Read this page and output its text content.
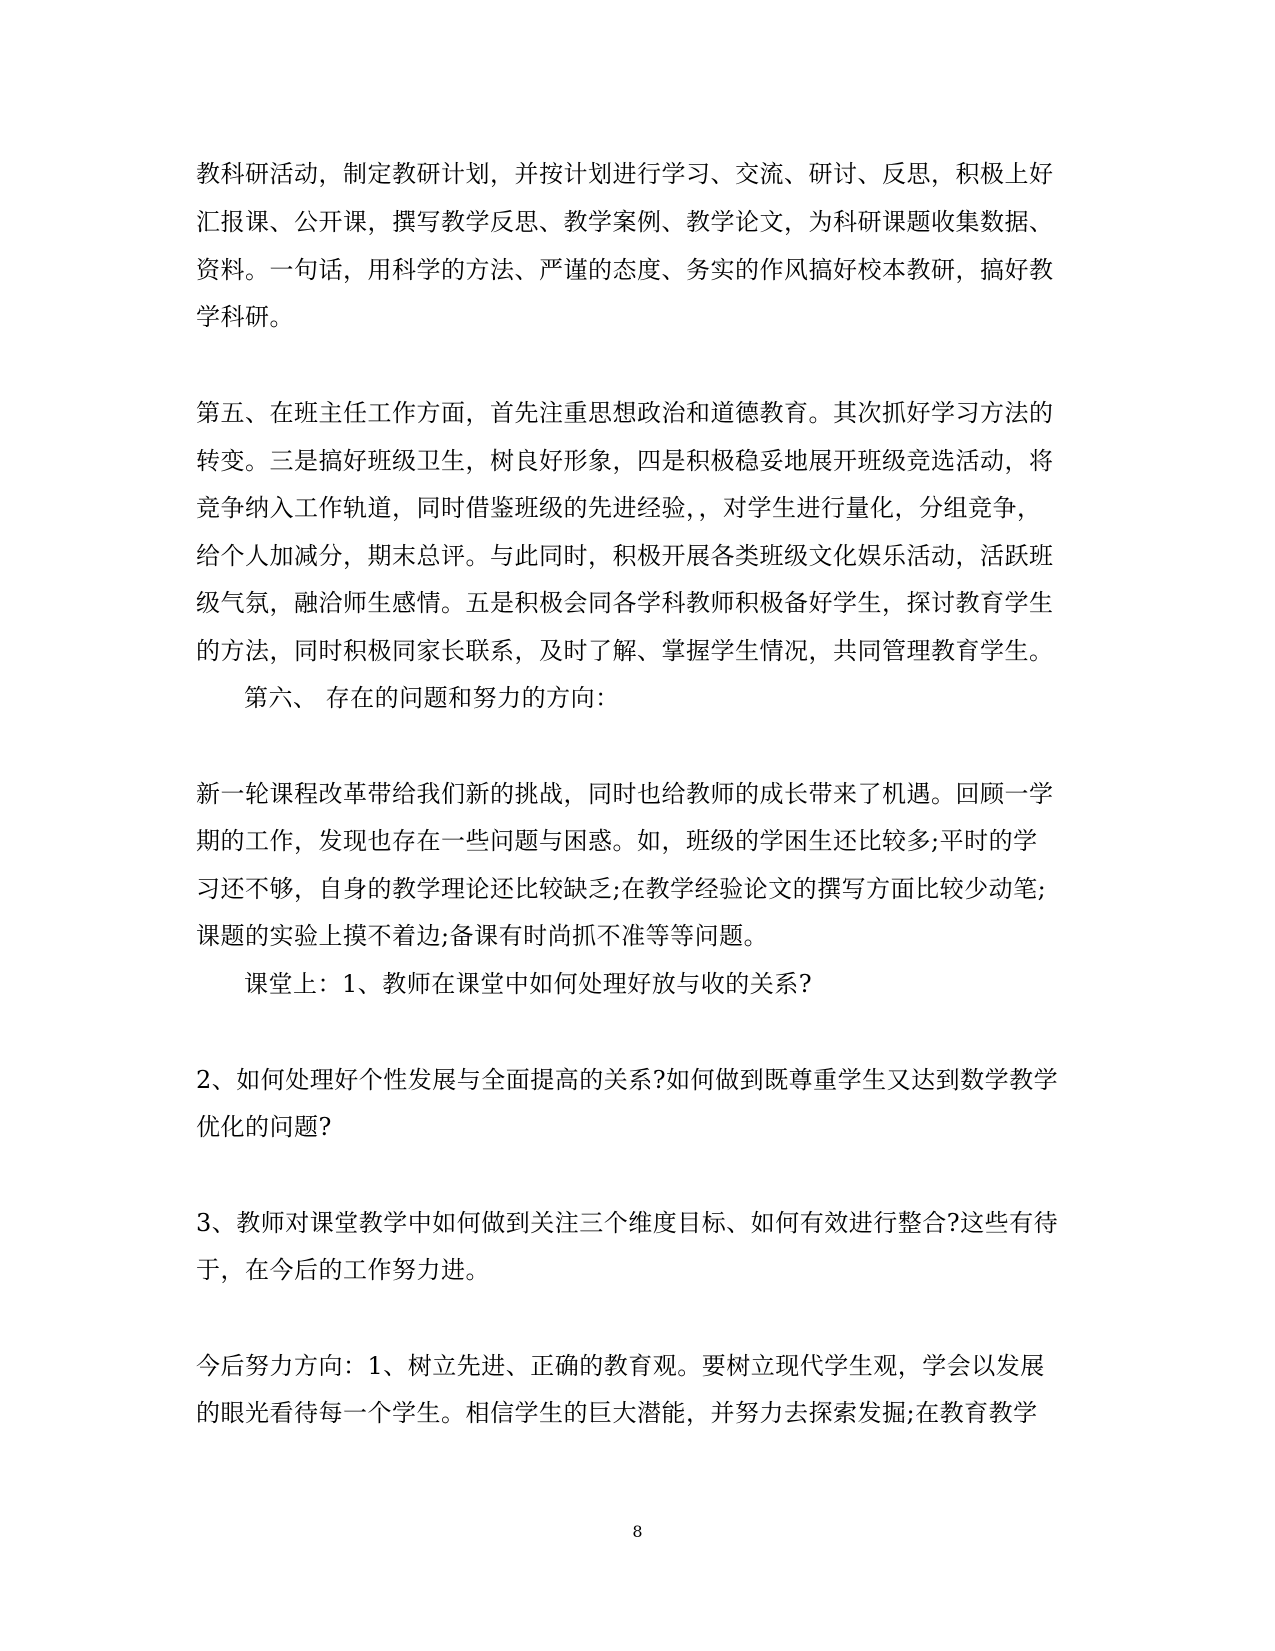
教科研活动，制定教研计划，并按计划进行学习、交流、研讨、反思，积极上好
汇报课、公开课，撰写教学反思、教学案例、教学论文，为科研课题收集数据、
资料。一句话，用科学的方法、严谨的态度、务实的作风搞好校本教研，搞好教
学科研。
第五、在班主任工作方面，首先注重思想政治和道德教育。其次抓好学习方法的
转变。三是搞好班级卫生，树良好形象，四是积极稳妥地展开班级竞选活动，将
竞争纳入工作轨道，同时借鉴班级的先进经验，，对学生进行量化，分组竞争，
给个人加减分，期末总评。与此同时，积极开展各类班级文化娱乐活动，活跃班
级气氛，融洽师生感情。五是积极会同各学科教师积极备好学生，探讨教育学生
的方法，同时积极同家长联系，及时了解、掌握学生情况，共同管理教育学生。
第六、 存在的问题和努力的方向：
新一轮课程改革带给我们新的挑战，同时也给教师的成长带来了机遇。回顾一学
期的工作，发现也存在一些问题与困惑。如，班级的学困生还比较多;平时的学
习还不够，自身的教学理论还比较缺乏;在教学经验论文的撰写方面比较少动笔;
课题的实验上摸不着边;备课有时尚抓不准等等问题。
课堂上：1、教师在课堂中如何处理好放与收的关系?
2、如何处理好个性发展与全面提高的关系?如何做到既尊重学生又达到数学教学
优化的问题?
3、教师对课堂教学中如何做到关注三个维度目标、如何有效进行整合?这些有待
于，在今后的工作努力进。
今后努力方向：1、树立先进、正确的教育观。要树立现代学生观，学会以发展
的眼光看待每一个学生。相信学生的巨大潜能，并努力去探索发掘;在教育教学
8
